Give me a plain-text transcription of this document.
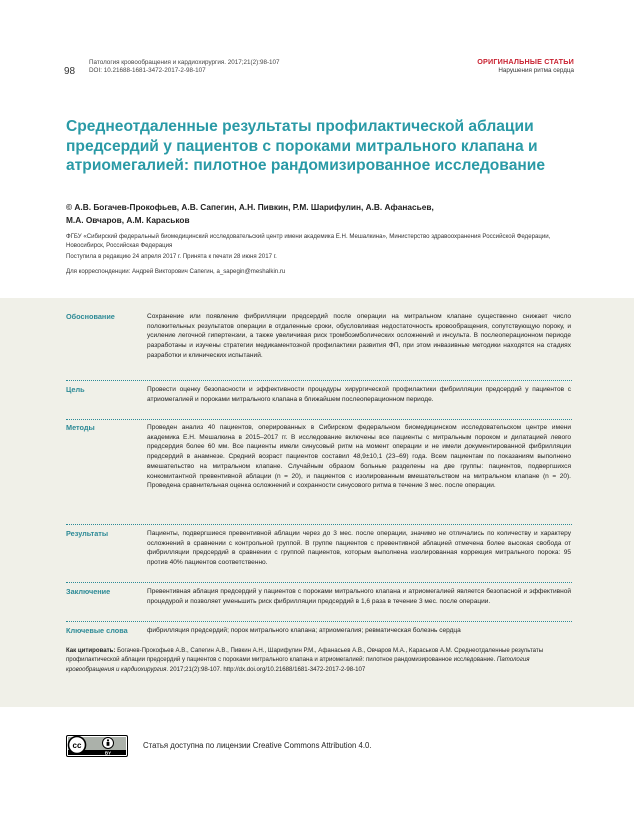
98
Патология кровообращения и кардиохирургия. 2017;21(2):98-107
DOI: 10.21688-1681-3472-2017-2-98-107
ОРИГИНАЛЬНЫЕ СТАТЬИ
Нарушения ритма сердца
Среднеотдаленные результаты профилактической аблации предсердий у пациентов с пороками митрального клапана и атриомегалией: пилотное рандомизированное исследование
© А.В. Богачев-Прокофьев, А.В. Сапегин, А.Н. Пивкин, Р.М. Шарифулин, А.В. Афанасьев,
М.А. Овчаров, А.М. Караськов
ФГБУ «Сибирский федеральный биомедицинский исследовательский центр имени академика Е.Н. Мешалкина», Министерство здравоохранения Российской Федерации, Новосибирск, Российская Федерация
Поступила в редакцию 24 апреля 2017 г. Принята к печати 28 июня 2017 г.
Для корреспонденции: Андрей Викторович Сапегин, a_sapegin@meshalkin.ru
Обоснование	Сохранение или появление фибрилляции предсердий после операции на митральном клапане существенно снижает число положительных результатов операции в отдаленные сроки, обусловливая недостаточность кровообращения, сопутствующую пороку, и усиление легочной гипертензии, а также увеличивая риск тромбоэмболических осложнений и инсульта. В послеоперационном периоде разработаны и изучены стратегии медикаментозной профилактики развития ФП, при этом инвазивные методики находятся на стадиях разработки и клинических испытаний.
Цель	Провести оценку безопасности и эффективности процедуры хирургической профилактики фибрилляции предсердий у пациентов с атриомегалией и пороками митрального клапана в ближайшем послеоперационном периоде.
Методы	Проведен анализ 40 пациентов, оперированных в Сибирском федеральном биомедицинском исследовательском центре имени академика Е.Н. Мешалкина в 2015–2017 гг. В исследование включены все пациенты с митральным пороком и дилатацией левого предсердия более 60 мм. Все пациенты имели синусовый ритм на момент операции и не имели документированной фибрилляции предсердий в анамнезе. Средний возраст пациентов составил 48,9±10,1 (23–69) года. Всем пациентам по показаниям выполнено вмешательство на митральном клапане. Случайным образом больные разделены на две группы: пациентов, подвергшихся конкомитантной превентивной аблации (n = 20), и пациентов с изолированным вмешательством на митральном клапане (n = 20). Проведена сравнительная оценка осложнений и сохранности синусового ритма в течение 3 мес. после операции.
Результаты	Пациенты, подвергшиеся превентивной аблации через до 3 мес. после операции, значимо не отличались по количеству и характеру осложнений в сравнении с контрольной группой. В группе пациентов с превентивной аблацией отмечена более высокая свобода от фибрилляции предсердий в сравнении с группой пациентов, которым выполнена изолированная коррекция митрального порока: 95 против 40% пациентов соответственно.
Заключение	Превентивная аблация предсердий у пациентов с пороками митрального клапана и атриомегалией является безопасной и эффективной процедурой и позволяет уменьшить риск фибрилляции предсердий в 1,6 раза в течение 3 мес. после операции.
Ключевые слова	фибрилляция предсердий; порок митрального клапана; атриомегалия; ревматическая болезнь сердца
Как цитировать: Богачев-Прокофьев А.В., Сапегин А.В., Пивкин А.Н., Шарифулин Р.М., Афанасьев А.В., Овчаров М.А., Караськов А.М. Среднеотдаленные результаты профилактической аблации предсердий у пациентов с пороками митрального клапана и атриомегалией: пилотное рандомизированное исследование. Патология кровообращения и кардиохирургия. 2017;21(2):98-107. http://dx.doi.org/10.21688/1681-3472-2017-2-98-107
cc
BY
Статья доступна по лицензии Creative Commons Attribution 4.0.
